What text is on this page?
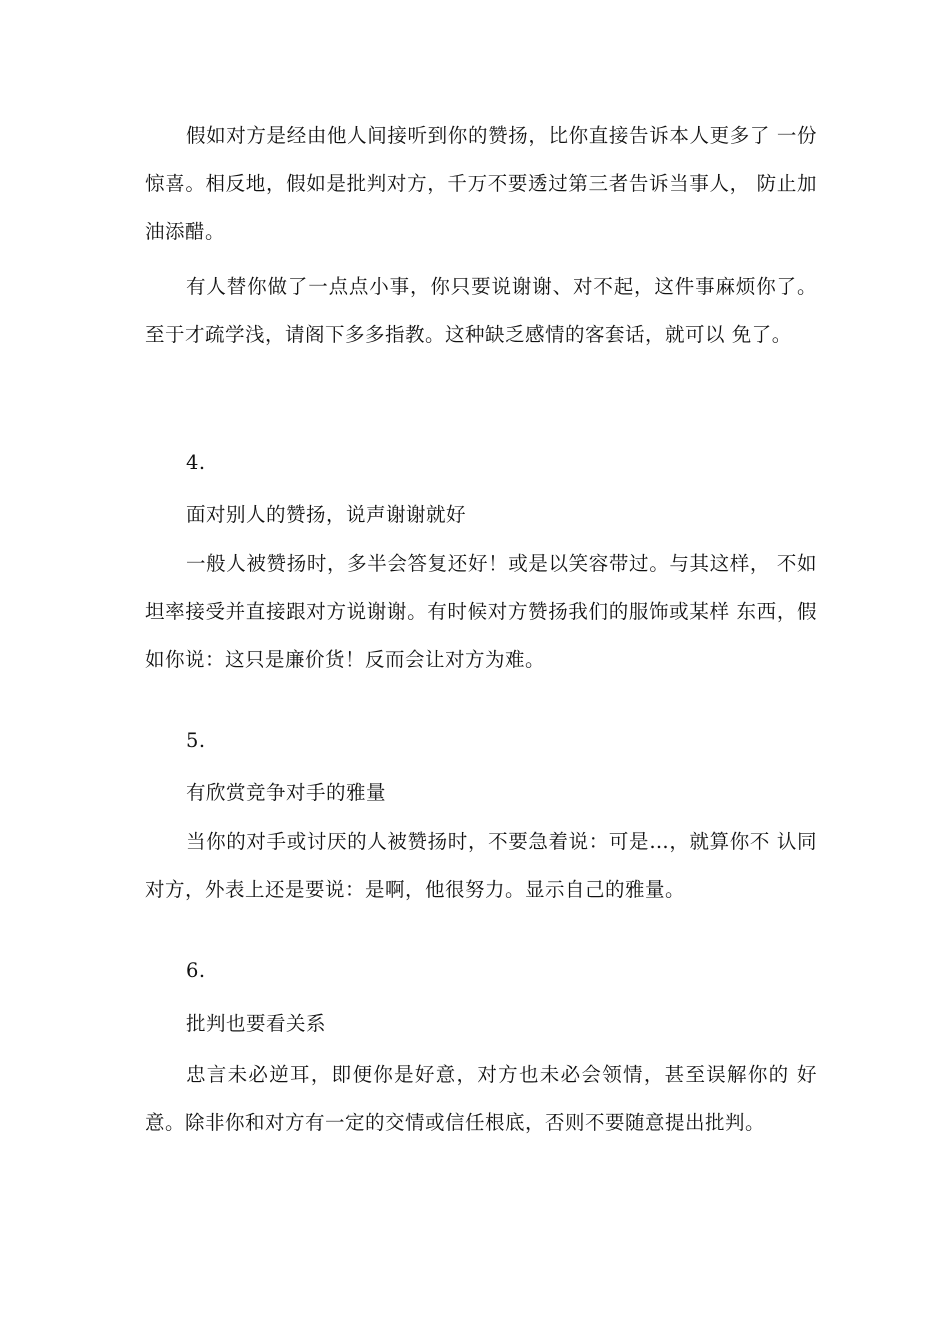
假如对方是经由他人间接听到你的赞扬，比你直接告诉本人更多了 一份惊喜。相反地，假如是批判对方，千万不要透过第三者告诉当事人， 防止加油添醋。

有人替你做了一点点小事，你只要说谢谢、对不起，这件事麻烦你了。至于才疏学浅，请阁下多多指教。这种缺乏感情的客套话，就可以 免了。

4.
面对别人的赞扬，说声谢谢就好

一般人被赞扬时，多半会答复还好！或是以笑容带过。与其这样， 不如坦率接受并直接跟对方说谢谢。有时候对方赞扬我们的服饰或某样 东西，假如你说：这只是廉价货！反而会让对方为难。

5.
有欣赏竞争对手的雅量

当你的对手或讨厌的人被赞扬时，不要急着说：可是…，就算你不 认同对方，外表上还是要说：是啊，他很努力。显示自己的雅量。

6.
批判也要看关系

忠言未必逆耳，即便你是好意，对方也未必会领情，甚至误解你的 好意。除非你和对方有一定的交情或信任根底，否则不要随意提出批判。
